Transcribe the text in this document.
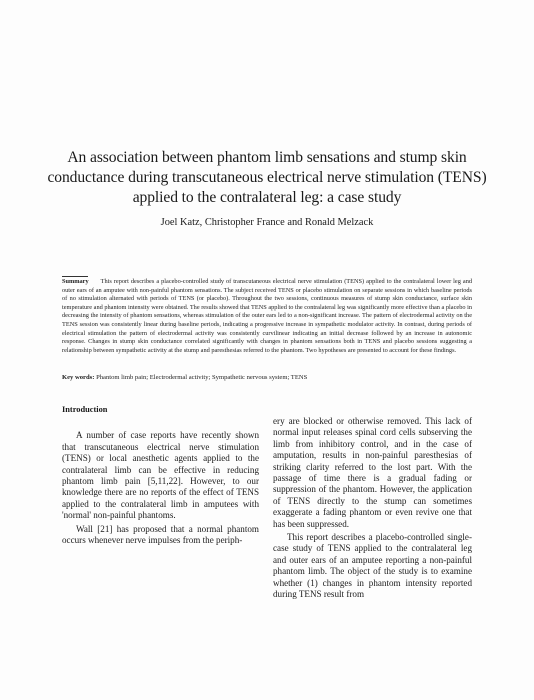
An association between phantom limb sensations and stump skin conductance during transcutaneous electrical nerve stimulation (TENS) applied to the contralateral leg: a case study
Joel Katz, Christopher France and Ronald Melzack
Summary This report describes a placebo-controlled study of transcutaneous electrical nerve stimulation (TENS) applied to the contralateral lower leg and outer ears of an amputee with non-painful phantom sensations. The subject received TENS or placebo stimulation on separate sessions in which baseline periods of no stimulation alternated with periods of TENS (or placebo). Throughout the two sessions, continuous measures of stump skin conductance, surface skin temperature and phantom intensity were obtained. The results showed that TENS applied to the contralateral leg was significantly more effective than a placebo in decreasing the intensity of phantom sensations, whereas stimulation of the outer ears led to a non-significant increase. The pattern of electrodermal activity on the TENS session was consistently linear during baseline periods, indicating a progressive increase in sympathetic modulator activity. In contrast, during periods of electrical stimulation the pattern of electrodermal activity was consistently curvilinear indicating an initial decrease followed by an increase in autonomic response. Changes in stump skin conductance correlated significantly with changes in phantom sensations both in TENS and placebo sessions suggesting a relationship between sympathetic activity at the stump and paresthesias referred to the phantom. Two hypotheses are presented to account for these findings.
Key words: Phantom limb pain; Electrodermal activity; Sympathetic nervous system; TENS
Introduction

A number of case reports have recently shown that transcutaneous electrical nerve stimulation (TENS) or local anesthetic agents applied to the contralateral limb can be effective in reducing phantom limb pain [5,11,22]. However, to our knowledge there are no reports of the effect of TENS applied to the contralateral limb in amputees with 'normal' non-painful phantoms.

Wall [21] has proposed that a normal phantom occurs whenever nerve impulses from the periph-

ery are blocked or otherwise removed. This lack of normal input releases spinal cord cells subserving the limb from inhibitory control, and in the case of amputation, results in non-painful paresthesias of striking clarity referred to the lost part. With the passage of time there is a gradual fading or suppression of the phantom. However, the application of TENS directly to the stump can sometimes exaggerate a fading phantom or even revive one that has been suppressed.

This report describes a placebo-controlled single-case study of TENS applied to the contralateral leg and outer ears of an amputee reporting a non-painful phantom limb. The object of the study is to examine whether (1) changes in phantom intensity reported during TENS result from
